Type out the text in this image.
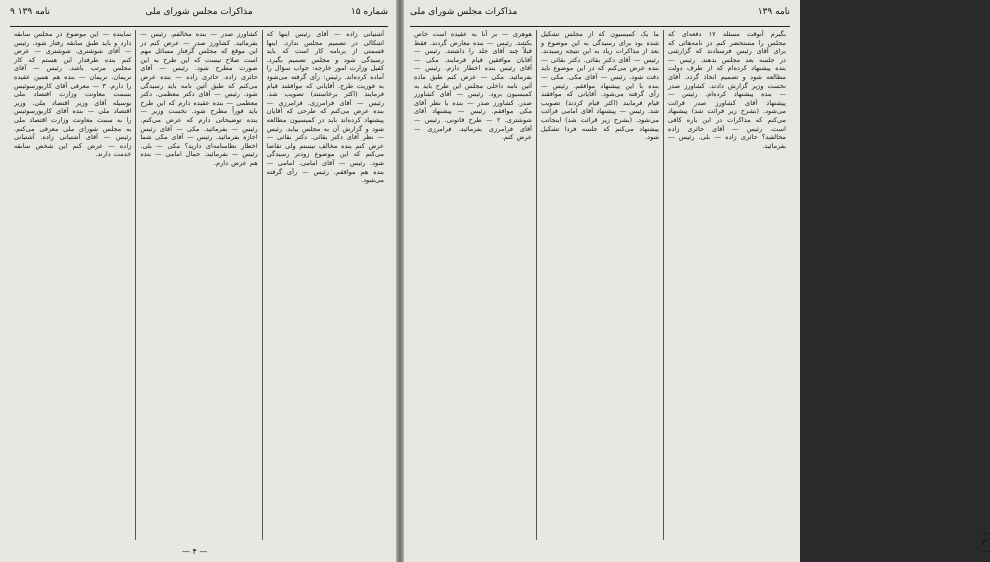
نامه ۱۳۹ ۹	مذاکرات مجلس شورای ملی	شماره ۱۵

آشتیانی زاده — آقای رئیس اینها که اشکالی در تصمیم مجلس ندارد. اینها قسمتی از برنامه کار است که باید رسیدگی شود و مجلس تصمیم بگیرد. کفیل وزارت امور خارجه: جواب سؤال را آماده کرده‌اند. رئیس: رأی گرفته می‌شود به فوریت طرح. آقایانی که موافقند قیام فرمایند (اکثر برخاستند) تصویب شد. رئیس — آقای فرامرزی. فرامرزی — بنده عرض می‌کنم که طرحی که آقایان پیشنهاد کرده‌اند باید در کمیسیون مطالعه شود و گزارش آن به مجلس بیاید. رئیس — نظر آقای دکتر بقائی. دکتر بقائی — عرض کنم بنده مخالف نیستم ولی تقاضا می‌کنم که این موضوع زودتر رسیدگی شود. رئیس — آقای امامی. امامی — بنده هم موافقم. رئیس — رأی گرفته می‌شود.

کشاورز صدر — بنده مخالفم. رئیس — بفرمائید. کشاورز صدر — عرض کنم در این موقع که مجلس گرفتار مسائل مهم است صلاح نیست که این طرح به این صورت مطرح شود. رئیس — آقای حائری زاده. حائری زاده — بنده عرض می‌کنم که طبق آئین نامه باید رسیدگی شود. رئیس — آقای دکتر معظمی. دکتر معظمی — بنده عقیده دارم که این طرح باید فوراً مطرح شود. نخست وزیر — بنده توضیحاتی دارم که عرض می‌کنم. رئیس — بفرمائید. مکی — آقای رئیس اجازه بفرمائید. رئیس — آقای مکی شما اخطار نظامنامه‌ای دارید؟ مکی — بلی. رئیس — بفرمائید. جمال امامی — بنده هم عرض دارم.

نماینده — این موضوع در مجلس سابقه دارد و باید طبق سابقه رفتار شود. رئیس — آقای شوشتری. شوشتری — عرض کنم بنده طرفدار این هستم که کار مجلس مرتب باشد. رئیس — آقای نریمان. نریمان — بنده هم همین عقیده را دارم. ۳ — معرفی آقای کاربورسوئیس بسمت معاونت وزارت اقتصاد ملی بوسیله آقای وزیر اقتصاد ملی. وزیر اقتصاد ملی — بنده آقای کاربورسوئیس را به سمت معاونت وزارت اقتصاد ملی به مجلس شورای ملی معرفی می‌کنم. رئیس — آقای آشتیانی زاده. آشتیانی زاده — عرض کنم این شخص سابقه خدمت دارند.

— ۴ —
مذاکرات مجلس شورای ملی	نامه ۱۳۹

بگیرم آنوقت مسئله ۱۷ دفعه‌ای که مجلس را مستحضر کنم در نامه‌هائی که برای آقای رئیس فرستادند که گزارشی در جلسه بعد مجلس بدهند. رئیس — بنده پیشنهاد کرده‌ام که از طرف دولت مطالعه شود و تصمیم اتخاذ گردد. آقای نخست وزیر گزارش دادند. کشاورز صدر — بنده پیشنهاد کرده‌ام. رئیس — پیشنهاد آقای کشاورز صدر قرائت می‌شود. (بشرح زیر قرائت شد) پیشنهاد می‌کنم که مذاکرات در این باره کافی است. رئیس — آقای حائری زاده مخالفید؟ حائری زاده — بلی. رئیس — بفرمائید.

ما یک کمیسیون که از مجلس تشکیل شده بود برای رسیدگی به این موضوع و بعد از مذاکرات زیاد به این نتیجه رسیدند. رئیس — آقای دکتر بقائی. دکتر بقائی — بنده عرض می‌کنم که در این موضوع باید دقت شود. رئیس — آقای مکی. مکی — بنده با این پیشنهاد موافقم. رئیس — رأی گرفته می‌شود. آقایانی که موافقند قیام فرمایند (اکثر قیام کردند) تصویب شد. رئیس — پیشنهاد آقای امامی قرائت می‌شود. (بشرح زیر قرائت شد) اینجانب پیشنهاد می‌کنم که جلسه فردا تشکیل شود.

هوهری — بر آنا به عقیده است خاص بکشد. رئیس — بنده معارض گردند. فقط قبلاً چند آقای جلد را داشتند. رئیس — آقایان موافقین قیام فرمایند. مکی — آقای رئیس بنده اخطار دارم. رئیس — بفرمائید. مکی — عرض کنم طبق ماده آئین نامه داخلی مجلس این طرح باید به کمیسیون برود. رئیس — آقای کشاورز صدر. کشاورز صدر — بنده با نظر آقای مکی موافقم. رئیس — پیشنهاد آقای شوشتری. ۲ — طرح قانونی. رئیس — آقای فرامرزی بفرمائید. فرامرزی — عرض کنم.

— ۳ —
